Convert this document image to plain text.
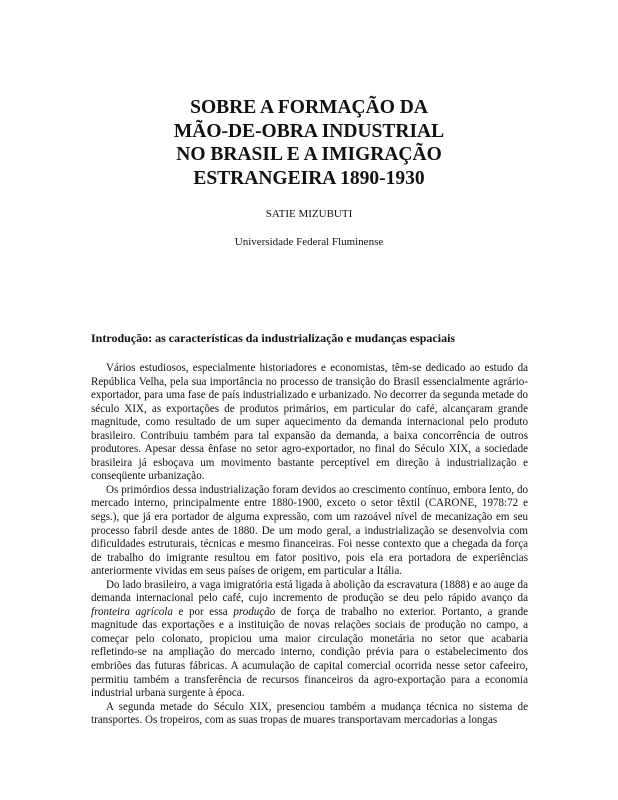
SOBRE A FORMAÇÃO DA
MÃO-DE-OBRA INDUSTRIAL
NO BRASIL E A IMIGRAÇÃO
ESTRANGEIRA 1890-1930
SATIE MIZUBUTI
Universidade Federal Fluminense
Introdução: as características da industrialização e mudanças espaciais

Vários estudiosos, especialmente historiadores e economistas, têm-se dedicado ao estudo da República Velha, pela sua importância no processo de transição do Brasil essencialmente agrário-exportador, para uma fase de país industrializado e urbanizado. No decorrer da segunda metade do século XIX, as exportações de produtos primários, em particular do café, alcançaram grande magnitude, como resultado de um super aquecimento da demanda internacional pelo produto brasileiro. Contribuiu também para tal expansão da demanda, a baixa concorrência de outros produtores. Apesar dessa ênfase no setor agro-exportador, no final do Século XIX, a sociedade brasileira já esboçava um movimento bastante perceptível em direção à industrialização e conseqüente urbanização.

Os primórdios dessa industrialização foram devidos ao crescimento contínuo, embora lento, do mercado interno, principalmente entre 1880-1900, exceto o setor têxtil (CARONE, 1978:72 e segs.), que já era portador de alguma expressão, com um razoável nível de mecanização em seu processo fabril desde antes de 1880. De um modo geral, a industrialização se desenvolvia com dificuldades estruturais, técnicas e mesmo financeiras. Foi nesse contexto que a chegada da força de trabalho do imigrante resultou em fator positivo, pois ela era portadora de experiências anteriormente vividas em seus países de origem, em particular a Itália.

Do lado brasileiro, a vaga imigratória está ligada à abolição da escravatura (1888) e ao auge da demanda internacional pelo café, cujo incremento de produção se deu pelo rápido avanço da fronteira agrícola e por essa produção de força de trabalho no exterior. Portanto, a grande magnitude das exportações e a instituição de novas relações sociais de produção no campo, a começar pelo colonato, propiciou uma maior circulação monetária no setor que acabaria refletindo-se na ampliação do mercado interno, condição prévia para o estabelecimento dos embriões das futuras fábricas. A acumulação de capital comercial ocorrida nesse setor cafeeiro, permitiu também a transferência de recursos financeiros da agro-exportação para a economia industrial urbana surgente à época.

A segunda metade do Século XIX, presenciou também a mudança técnica no sistema de transportes. Os tropeiros, com as suas tropas de muares transportavam mercadorias a longas
